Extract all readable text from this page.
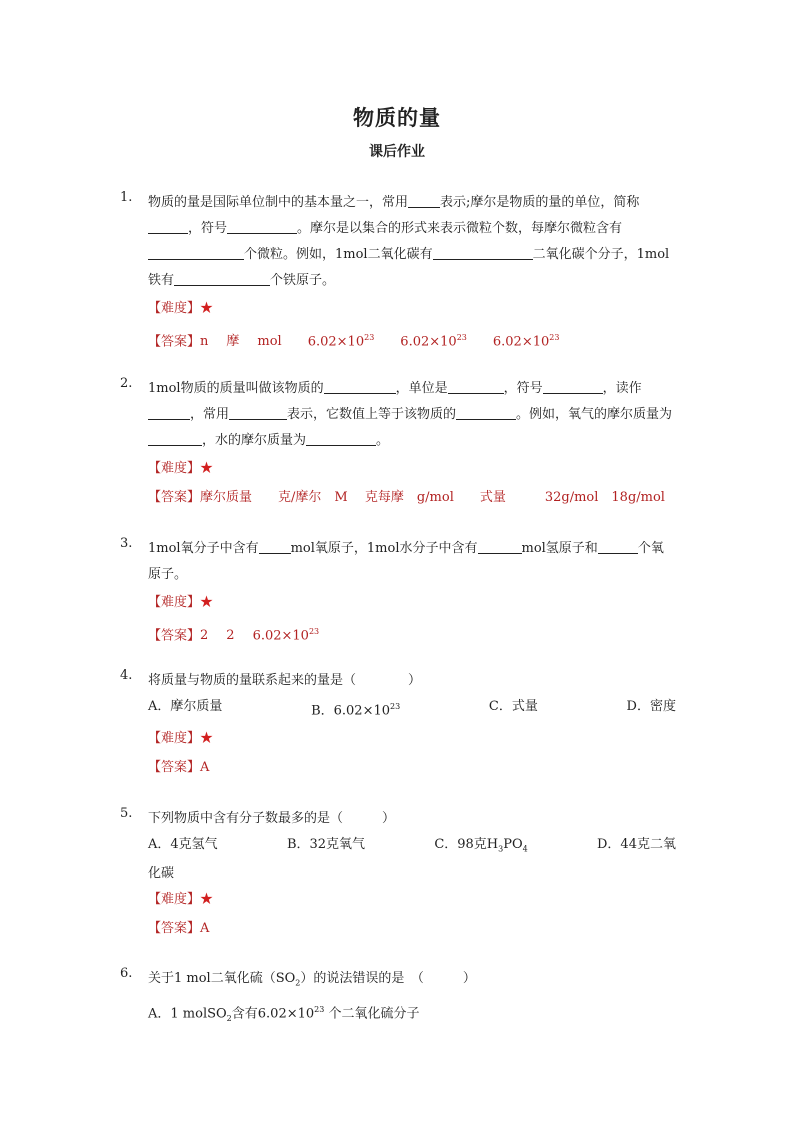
物质的量
课后作业
1.	物质的量是国际单位制中的基本量之一，常用 表示;摩尔是物质的量的单位，简称，符号	。摩尔是以集合的形式来表示微粒个数，每摩尔微粒含有个微粒。例如，1mol二氧化碳有	二氧化碳个分子，1mol铁有	个铁原子。
【难度】★
【答案】n 摩 mol $6.02\times 10^{23}$ $6.02\times 10^{23}$ $6.02\times 10^{23}$
2.	1mol物质的质量叫做该物质的	，单位是	，符号	，读作，常用	表示，它数值上等于该物质的	。例如，氧气的摩尔质量为，水的摩尔质量为	。
【难度】★
【答案】摩尔质量　　克/摩尔　M　 克每摩　g/mol　　式量　　　32g/mol　18g/mol
3.	1mol氧分子中含有 mol氧原子，1mol水分子中含有	mol氢原子和	个氧原子。
【难度】★
【答案】2 2 $6.02\times 10^{23}$
4.	将质量与物质的量联系起来的量是（　　　　）
A．摩尔质量	B．$6.02\times 10^{23}$	C．式量	D．密度
【难度】★
【答案】A
5.	下列物质中含有分子数最多的是（　　　）
A．4克氢气	B．32克氧气	C．98克$H_3PO_4$	D．44克二氧
化碳
【难度】★
【答案】A
6.	关于1 mol二氧化硫$(SO_2)$的说法错误的是　（　　　）
A．1 molSO$_2$含有$6.02\times 10^{23}$ 个二氧化硫分子
